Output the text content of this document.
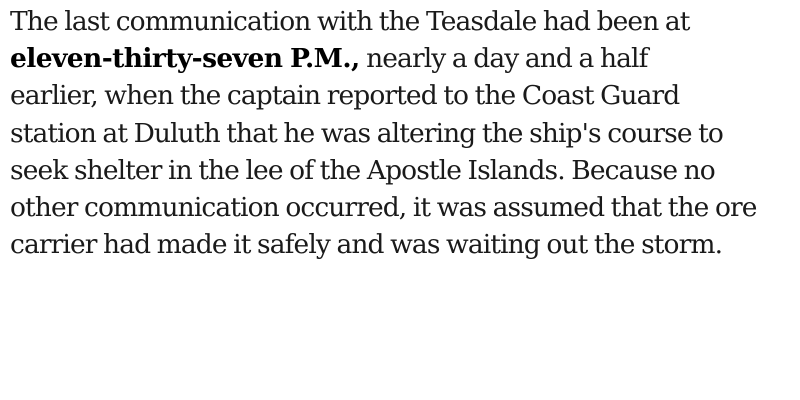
The last communication with the Teasdale had been at
eleven-thirty-seven P.M., nearly a day and a half
earlier, when the captain reported to the Coast Guard
station at Duluth that he was altering the ship's course to
seek shelter in the lee of the Apostle Islands. Because no
other communication occurred, it was assumed that the ore
carrier had made it safely and was waiting out the storm.
